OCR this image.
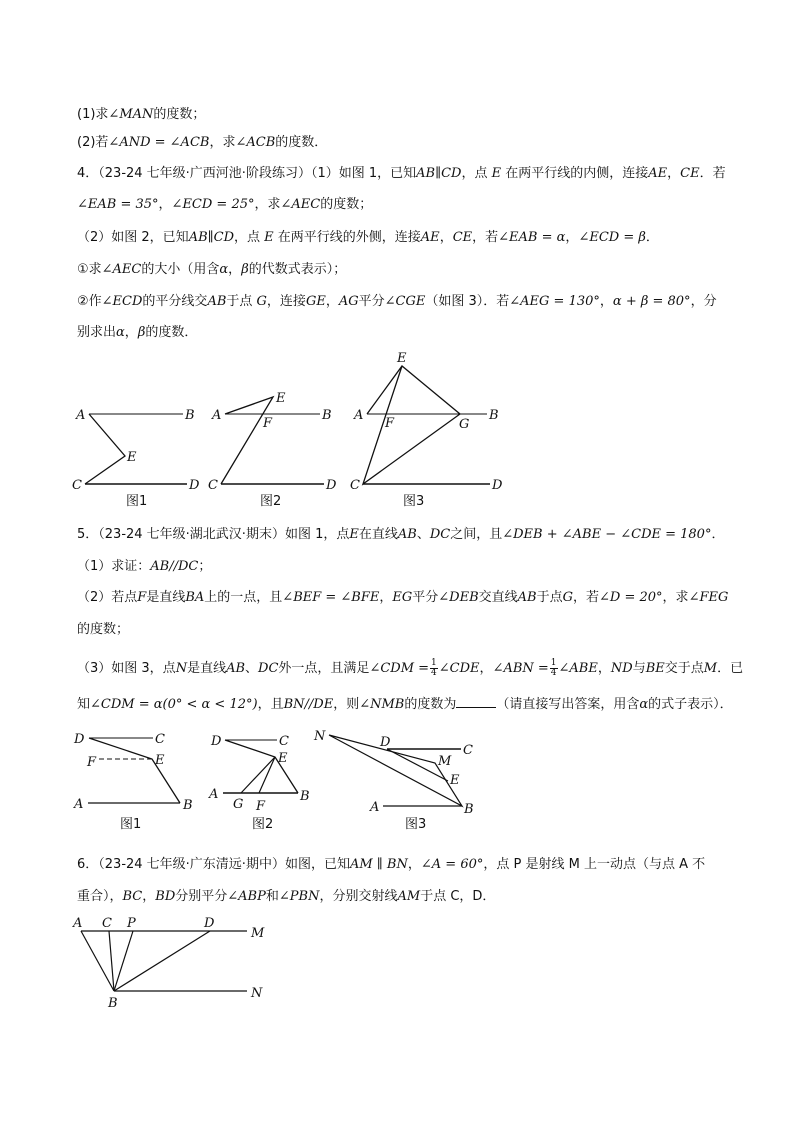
(1)求∠MAN的度数；
(2)若∠AND = ∠ACB，求∠ACB的度数．
4．（23-24 七年级·广西河池·阶段练习）（1）如图 1，已知AB∥CD，点 E 在两平行线的内侧，连接AE，CE．若
∠EAB = 35°，∠ECD = 25°，求∠AEC的度数；
（2）如图 2，已知AB∥CD，点 E 在两平行线的外侧，连接AE，CE，若∠EAB = α，∠ECD = β．
①求∠AEC的大小（用含α，β的代数式表示）；
②作∠ECD的平分线交AB于点 G，连接GE，AG平分∠CGE（如图 3）．若∠AEG = 130°，α + β = 80°，分
别求出α，β的度数．
A	B
E
C	D
图1
A	B
E
F
C	D
图2
A	B
E
F	G
C	D
图3
D	C
E
F
A	B
图1
D	C
E
A
G F
B
图2
N	D
C
M
E
A	B
图3
A C P	D
M
N
B
5．（23-24 七年级·湖北武汉·期末）如图 1，点E在直线AB、DC之间，且∠DEB + ∠ABE − ∠CDE = 180°．
（1）求证：AB//DC；
（2）若点F是直线BA上的一点，且∠BEF = ∠BFE，EG平分∠DEB交直线AB于点G，若∠D = 20°，求∠FEG
的度数；
（3）如图 3，点N是直线AB、DC外一点，且满足∠CDM = $\frac{1}{4}$ ∠CDE，∠ABN = $\frac{1}{4}$ ∠ABE，ND与BE交于点M．已
知∠CDM = α(0° < α < 12°)，且BN//DE，则∠NMB的度数为	（请直接写出答案，用含α的式子表示）．
6．（23-24 七年级·广东清远·期中）如图，已知AM ∥ BN，∠A = 60°，点 P 是射线 M 上一动点（与点 A 不
重合），BC，BD分别平分∠ABP和∠PBN，分别交射线AM于点 C，D．
